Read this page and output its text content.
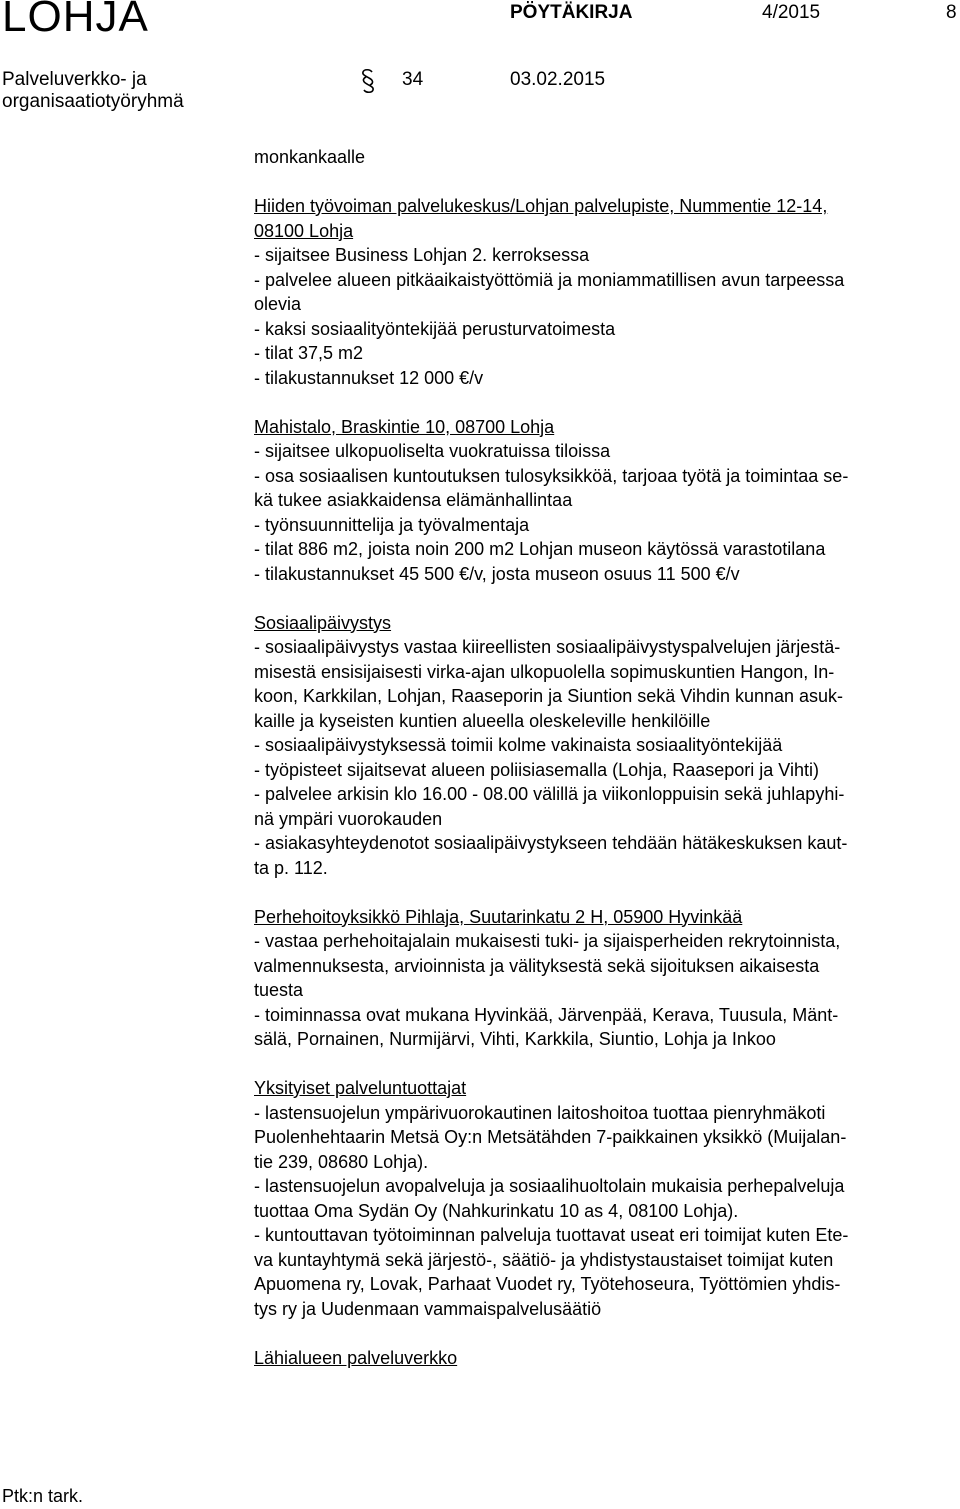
LOHJA	PÖYTÄKIRJA	4/2015	8
Palveluverkko- ja organisaatiotyöryhmä
34	03.02.2015
monkankaalle
Hiiden työvoiman palvelukeskus/Lohjan palvelupiste, Nummentie 12-14,
08100 Lohja
- sijaitsee Business Lohjan 2. kerroksessa
- palvelee alueen pitkäaikaistyöttömiä ja moniammatillisen avun tarpeessa
olevia
- kaksi sosiaalityöntekijää perusturvatoimesta
- tilat 37,5 m2
- tilakustannukset 12 000 €/v
Mahistalo, Braskintie 10, 08700 Lohja
- sijaitsee ulkopuoliselta vuokratuissa tiloissa
- osa sosiaalisen kuntoutuksen tulosyksikköä, tarjoaa työtä ja toimintaa se-
kä tukee asiakkaidensa elämänhallintaa
- työnsuunnittelija ja työvalmentaja
- tilat 886 m2, joista noin 200 m2 Lohjan museon käytössä varastotilana
- tilakustannukset 45 500 €/v, josta museon osuus 11 500 €/v
Sosiaalipäivystys
- sosiaalipäivystys vastaa kiireellisten sosiaalipäivystyspalvelujen järjestä-
misestä ensisijaisesti virka-ajan ulkopuolella sopimuskuntien Hangon, In-
koon, Karkkilan, Lohjan, Raaseporin ja Siuntion sekä Vihdin kunnan asuk-
kaille ja kyseisten kuntien alueella oleskeleville henkilöille
- sosiaalipäivystyksessä toimii kolme vakinaista sosiaalityöntekijää
- työpisteet sijaitsevat alueen poliisiasemalla (Lohja, Raasepori ja Vihti)
- palvelee arkisin klo 16.00 - 08.00 välillä ja viikonloppuisin sekä juhlapyhi-
nä ympäri vuorokauden
- asiakasyhteydenotot sosiaalipäivystykseen tehdään hätäkeskuksen kaut-
ta p. 112.
Perhehoitoyksikkö Pihlaja, Suutarinkatu 2 H, 05900 Hyvinkää
- vastaa perhehoitajalain mukaisesti tuki- ja sijaisperheiden rekrytoinnista,
valmennuksesta, arvioinnista ja välityksestä sekä sijoituksen aikaisesta
tuesta
- toiminnassa ovat mukana Hyvinkää, Järvenpää, Kerava, Tuusula, Mänt-
sälä, Pornainen, Nurmijärvi, Vihti, Karkkila, Siuntio, Lohja ja Inkoo
Yksityiset palveluntuottajat
- lastensuojelun ympärivuorokautinen laitoshoitoa tuottaa pienryhmäkoti
Puolenhehtaarin Metsä Oy:n Metsätähden 7-paikkainen yksikkö (Muijalan-
tie 239, 08680 Lohja).
- lastensuojelun avopalveluja ja sosiaalihuoltolain mukaisia perhepalveluja
tuottaa Oma Sydän Oy (Nahkurinkatu 10 as 4, 08100 Lohja).
- kuntouttavan työtoiminnan palveluja tuottavat useat eri toimijat kuten Ete-
va kuntayhtymä sekä järjestö-, säätiö- ja yhdistystaustaiset toimijat kuten
Apuomena ry, Lovak, Parhaat Vuodet ry, Työtehoseura, Työttömien yhdis-
tys ry ja Uudenmaan vammaispalvelusäätiö
Lähialueen palveluverkko
Ptk:n tark.
